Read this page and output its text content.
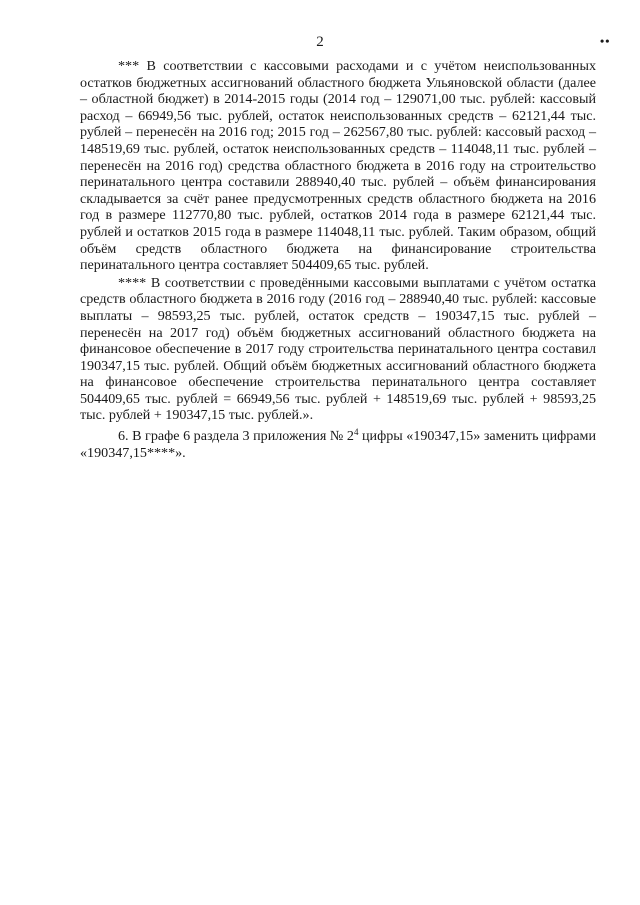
2	••

*** В соответствии с кассовыми расходами и с учётом неиспользованных остатков бюджетных ассигнований областного бюджета Ульяновской области (далее – областной бюджет) в 2014-2015 годы (2014 год – 129071,00 тыс. рублей: кассовый расход – 66949,56 тыс. рублей, остаток неиспользованных средств – 62121,44 тыс. рублей – перенесён на 2016 год; 2015 год – 262567,80 тыс. рублей: кассовый расход – 148519,69 тыс. рублей, остаток неиспользованных средств – 114048,11 тыс. рублей – перенесён на 2016 год) средства областного бюджета в 2016 году на строительство перинатального центра составили 288940,40 тыс. рублей – объём финансирования складывается за счёт ранее предусмотренных средств областного бюджета на 2016 год в размере 112770,80 тыс. рублей, остатков 2014 года в размере 62121,44 тыс. рублей и остатков 2015 года в размере 114048,11 тыс. рублей. Таким образом, общий объём средств областного бюджета на финансирование строительства перинатального центра составляет 504409,65 тыс. рублей.

**** В соответствии с проведёнными кассовыми выплатами с учётом остатка средств областного бюджета в 2016 году (2016 год – 288940,40 тыс. рублей: кассовые выплаты – 98593,25 тыс. рублей, остаток средств – 190347,15 тыс. рублей – перенесён на 2017 год) объём бюджетных ассигнований областного бюджета на финансовое обеспечение в 2017 году строительства перинатального центра составил 190347,15 тыс. рублей. Общий объём бюджетных ассигнований областного бюджета на финансовое обеспечение строительства перинатального центра составляет 504409,65 тыс. рублей = 66949,56 тыс. рублей + 148519,69 тыс. рублей + 98593,25 тыс. рублей + 190347,15 тыс. рублей.».

6. В графе 6 раздела 3 приложения № $2^4$ цифры «190347,15» заменить цифрами «190347,15****».
